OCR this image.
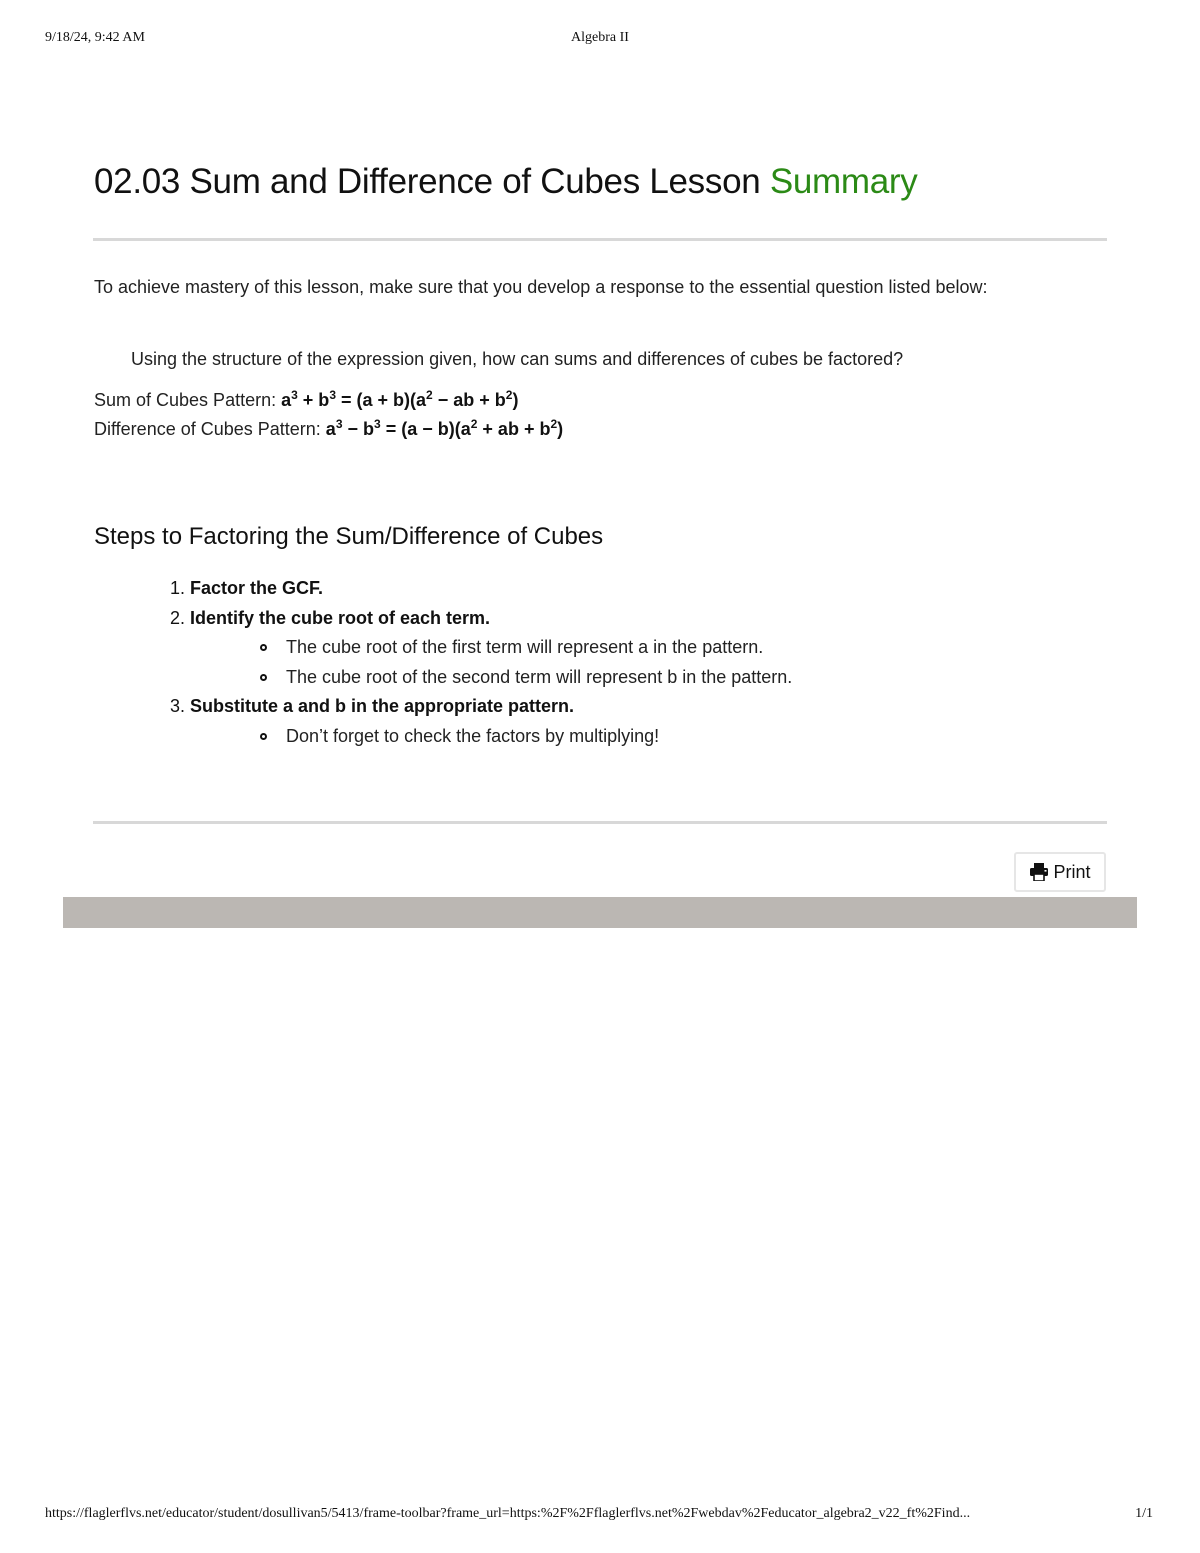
9/18/24, 9:42 AM	Algebra II
02.03 Sum and Difference of Cubes Lesson Summary

To achieve mastery of this lesson, make sure that you develop a response to the essential question listed below:

Using the structure of the expression given, how can sums and differences of cubes be factored?

Sum of Cubes Pattern: $a^3 + b^3 = (a + b)(a^2$ − ab + $b^2$)
Difference of Cubes Pattern: $a^3 - b^3 = (a - b)(a^2$ + ab + $b^2$)
Steps to Factoring the Sum/Difference of Cubes
1. Factor the GCF.
2. Identify the cube root of each term.
The cube root of the first term will represent a in the pattern.
The cube root of the second term will represent b in the pattern.
3. Substitute a and b in the appropriate pattern.
Don’t forget to check the factors by multiplying!
Print
https://flaglerflvs.net/educator/student/dosullivan5/5413/frame-toolbar?frame_url=https:%2F%2Fflaglerflvs.net%2Fwebdav%2Feducator_algebra2_v22_ft%2Find...	1/1
